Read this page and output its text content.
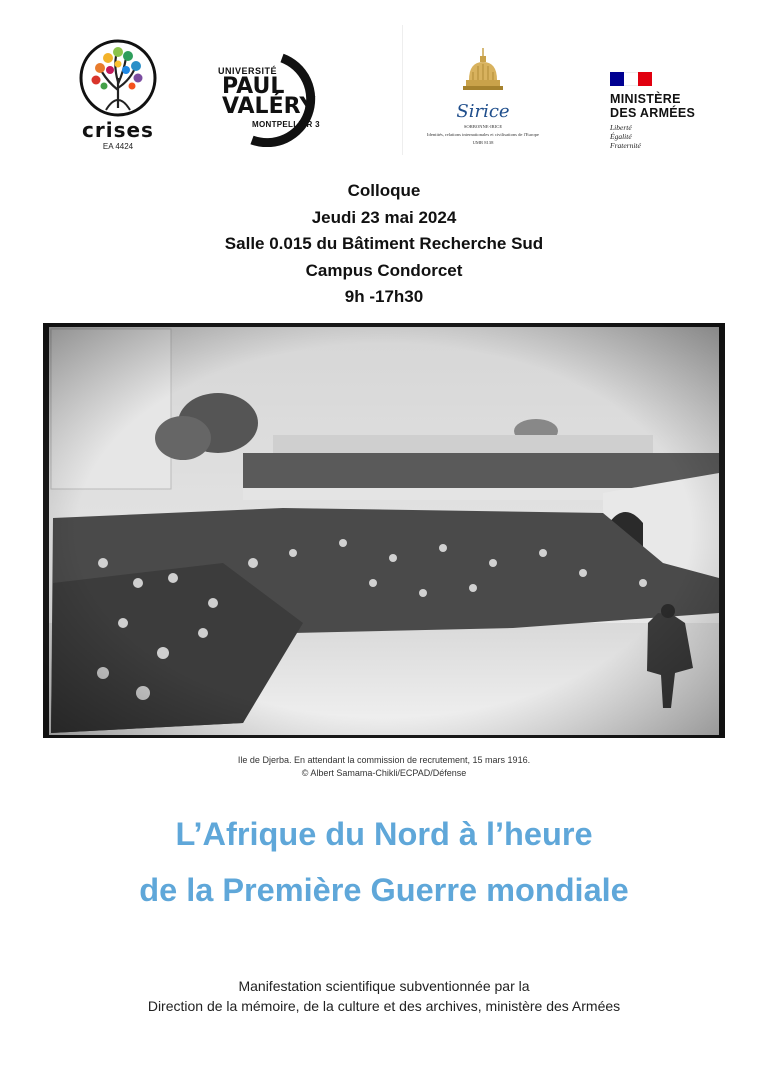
crises
EA 4424
UNIVERSITÉ
PAUL
VALÉRY
MONTPELLIER 3
Sirice
SORBONNE-IRICE
Identités, relations internationales et civilisations de l'Europe
UMR 8138
MINISTÈRE
DES ARMÉES
Liberté
Égalité
Fraternité
Colloque
Jeudi 23 mai 2024
Salle 0.015 du Bâtiment Recherche Sud
Campus Condorcet
9h -17h30
Ile de Djerba. En attendant la commission de recrutement, 15 mars 1916.
© Albert Samama-Chikli/ECPAD/Défense
L’Afrique du Nord à l’heure
de la Première Guerre mondiale
Manifestation scientifique subventionnée par la
Direction de la mémoire, de la culture et des archives, ministère des Armées
